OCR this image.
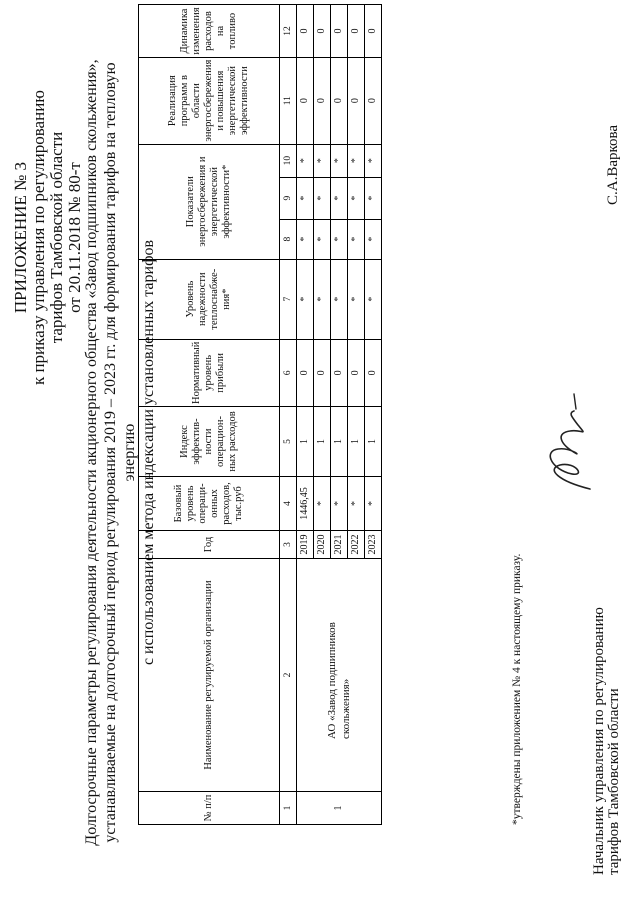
ПРИЛОЖЕНИЕ № 3 к приказу управления по регулированию тарифов Тамбовской области от 20.11.2018 № 80-т Долгосрочные параметры регулирования деятельности акционерного общества «Завод подшипников скольжения», устанавливаемые на долгосрочный период регулирования 2019 – 2023 гг. для формирования тарифов на тепловую энергию с использованием метода индексации установленных тарифов
№ п/п	Наименование регулируемой организации	Год	Базовый уровень операци-онных расходов, тыс.руб	Индекс эффектив-ности операцион-ных расходов	Нормативный уровень прибыли	Уровень надежности теплоснабже-ния*	Показатели энергосбережения и энергетической эффективности*			Реализация программ в области энергосбережения и повышения энергетической эффективности	Динамика изменения расходов на топливо
1	2	3	4	5	6	7	8	9	10	11	12
1	АО «Завод подшипников скольжения»	2019	1446,45	1	0	*	*	*	*	0	0
		2020	*	1	0	*	*	*	*	0	0
		2021	*	1	0	*	*	*	*	0	0
		2022	*	1	0	*	*	*	*	0	0
		2023	*	1	0	*	*	*	*	0	0
*утверждены приложением № 4 к настоящему приказу.	Начальник управления по регулированию тарифов Тамбовской области
С.А.Варкова
